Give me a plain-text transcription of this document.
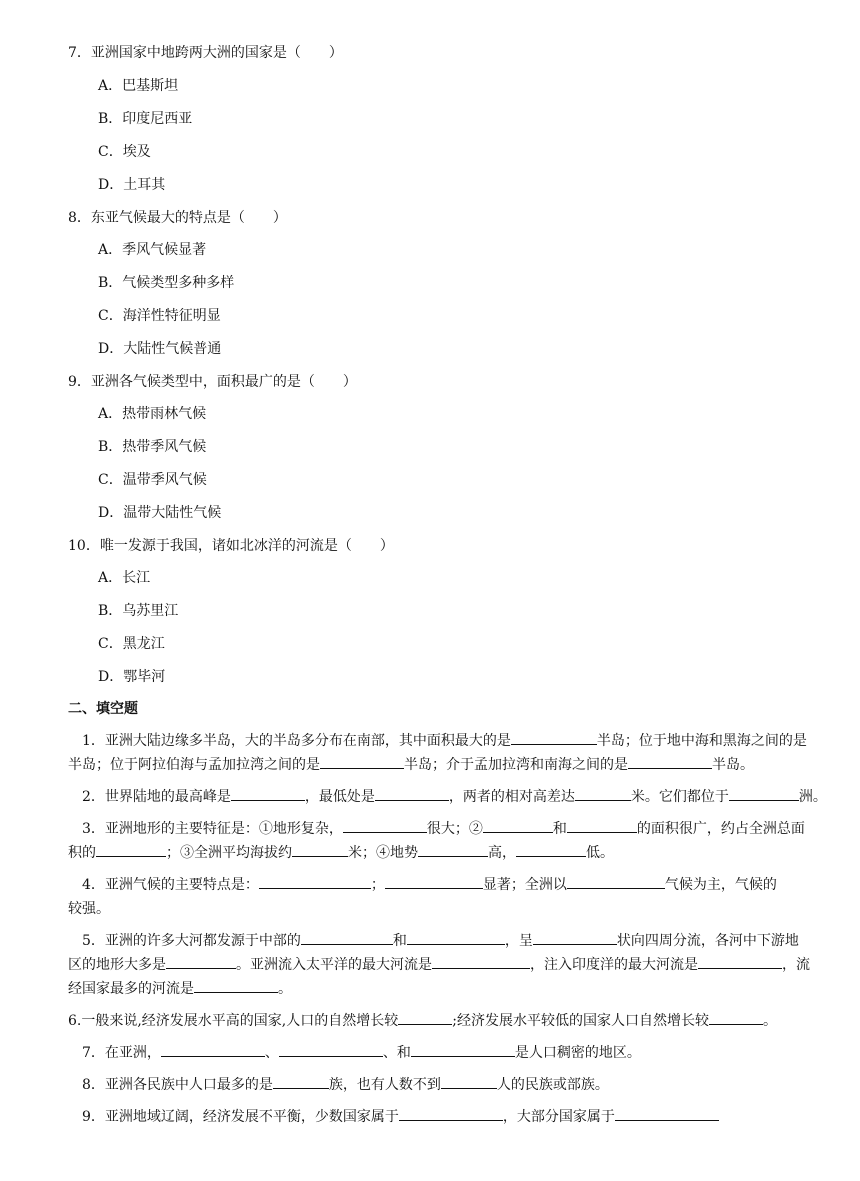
7．亚洲国家中地跨两大洲的国家是（　　）
A．巴基斯坦
B．印度尼西亚
C．埃及
D．土耳其
8．东亚气候最大的特点是（　　）
A．季风气候显著
B．气候类型多种多样
C．海洋性特征明显
D．大陆性气候普通
9．亚洲各气候类型中，面积最广的是（　　）
A．热带雨林气候
B．热带季风气候
C．温带季风气候
D．温带大陆性气候
10．唯一发源于我国，诸如北冰洋的河流是（　　）
A．长江
B．乌苏里江
C．黑龙江
D．鄂毕河
二、填空题
1．亚洲大陆边缘多半岛，大的半岛多分布在南部，其中面积最大的是	半岛；位于地中海和黑海之间的是
半岛；位于阿拉伯海与孟加拉湾之间的是	半岛；介于孟加拉湾和南海之间的是	半岛。
2．世界陆地的最高峰是	，最低处是	，两者的相对高差达	米。它们都位于	洲。
3．亚洲地形的主要特征是：①地形复杂，	很大；②	和	的面积很广，约占全洲总面
积的	；③全洲平均海拔约	米；④地势	高，	低。
4．亚洲气候的主要特点是：	；	显著；全洲以	气候为主，气候的
较强。
5．亚洲的许多大河都发源于中部的	和	，呈	状向四周分流，各河中下游地
区的地形大多是	。亚洲流入太平洋的最大河流是	，注入印度洋的最大河流是	，流
经国家最多的河流是	。
6.一般来说,经济发展水平高的国家,人口的自然增长较	;经济发展水平较低的国家人口自然增长较	。
7．在亚洲，	、	、和	是人口稠密的地区。
8．亚洲各民族中人口最多的是	族，也有人数不到	人的民族或部族。
9．亚洲地域辽阔，经济发展不平衡，少数国家属于	，大部分国家属于
